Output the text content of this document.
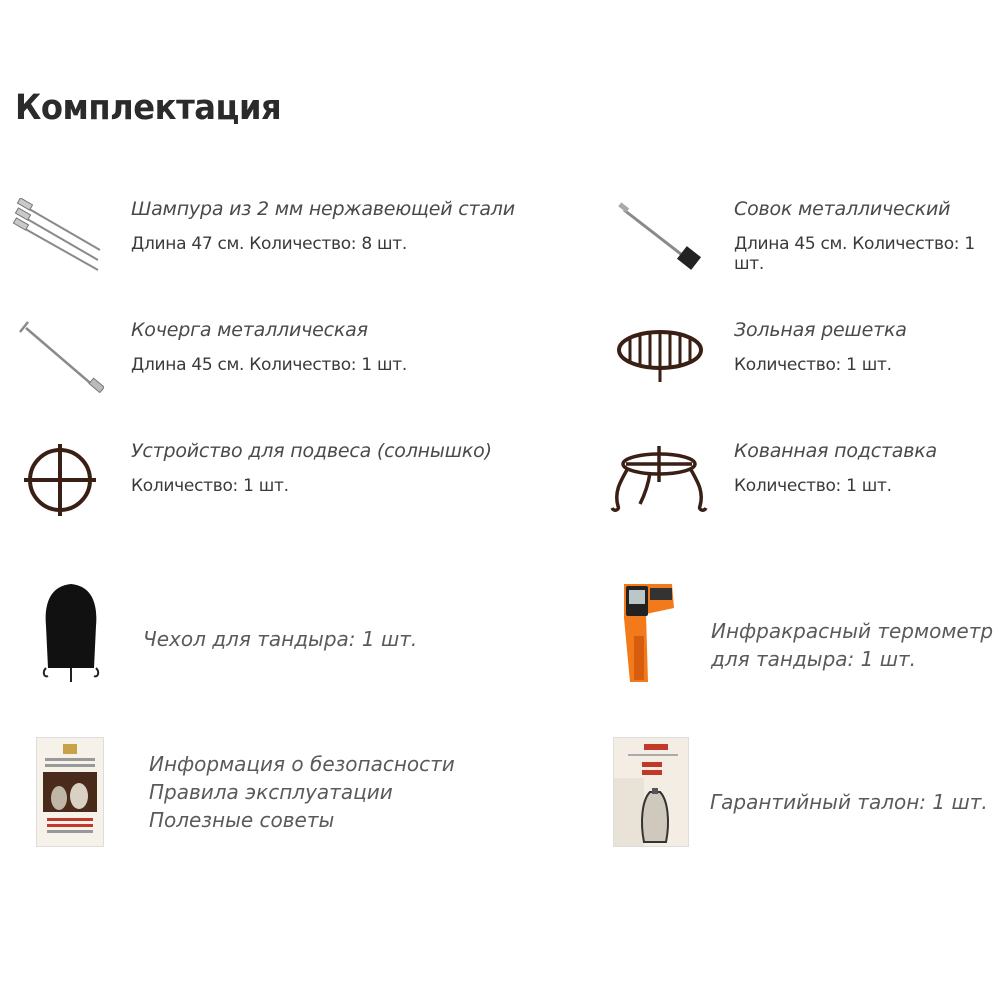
Комплектация
Шампура из 2 мм нержавеющей стали
Длина 47 см. Количество: 8 шт.
Совок металлический
Длина 45 см. Количество: 1 шт.
Кочерга металлическая
Длина 45 см. Количество: 1 шт.
Зольная решетка
Количество: 1 шт.
Устройство для подвеса (солнышко)
Количество: 1 шт.
Кованная подставка
Количество: 1 шт.
Чехол для тандыра: 1 шт.	Инфракрасный термометр
для тандыра: 1 шт.
Информация о безопасности
Правила эксплуатации
Полезные советы
Гарантийный талон: 1 шт.
